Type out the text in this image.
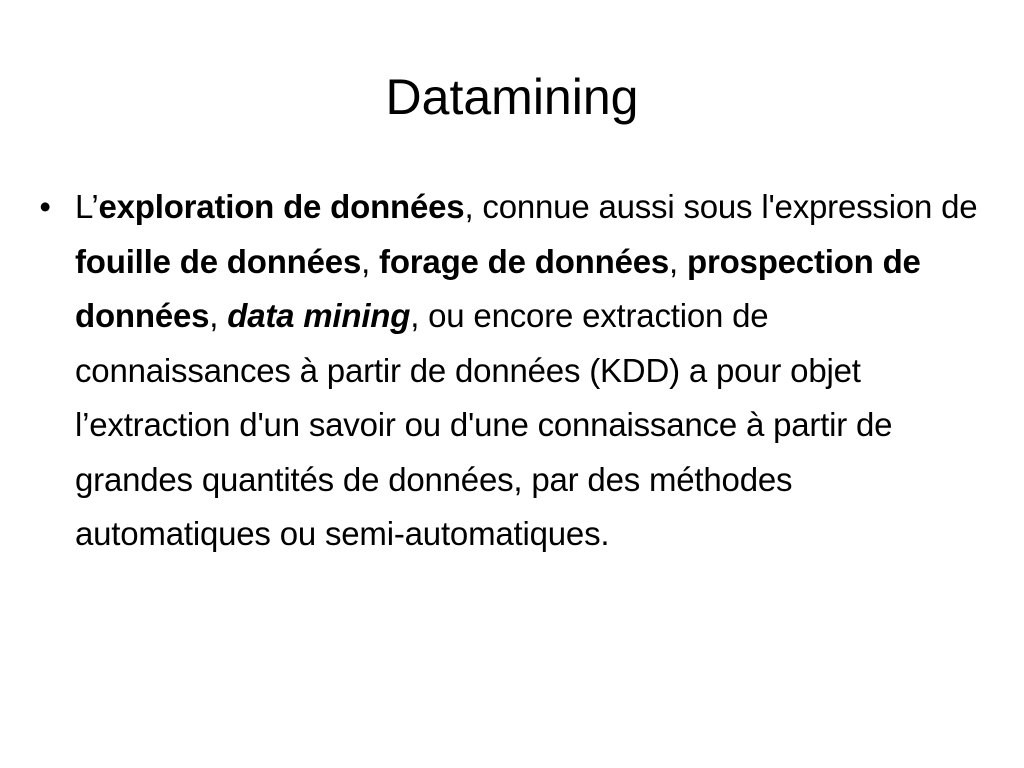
Datamining
• L’exploration de données, connue aussi sous l'expression de fouille de données, forage de données, prospection de données, data mining, ou encore extraction de connaissances à partir de données (KDD) a pour objet l’extraction d'un savoir ou d'une connaissance à partir de grandes quantités de données, par des méthodes automatiques ou semi-automatiques.
